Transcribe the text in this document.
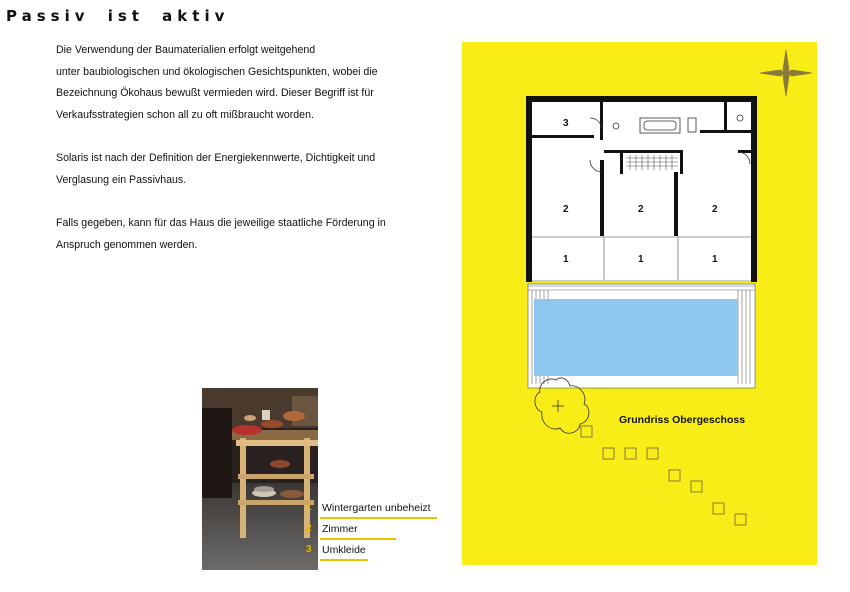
Passiv ist aktiv

Die Verwendung der Baumaterialien erfolgt weitgehend
unter baubiologischen und ökologischen Gesichtspunkten, wobei die
Bezeichnung Ökohaus bewußt vermieden wird. Dieser Begriff ist für
Verkaufsstrategien schon all zu oft mißbraucht worden.

Solaris ist nach der Definition der Energiekennwerte, Dichtigkeit und
Verglasung ein Passivhaus.

Falls gegeben, kann für das Haus die jeweilige staatliche Förderung in
Anspruch genommen werden.

1 Wintergarten unbeheizt
2 Zimmer
3 Umkleide
3
2	2	2
1	1	1
Grundriss Obergeschoss
